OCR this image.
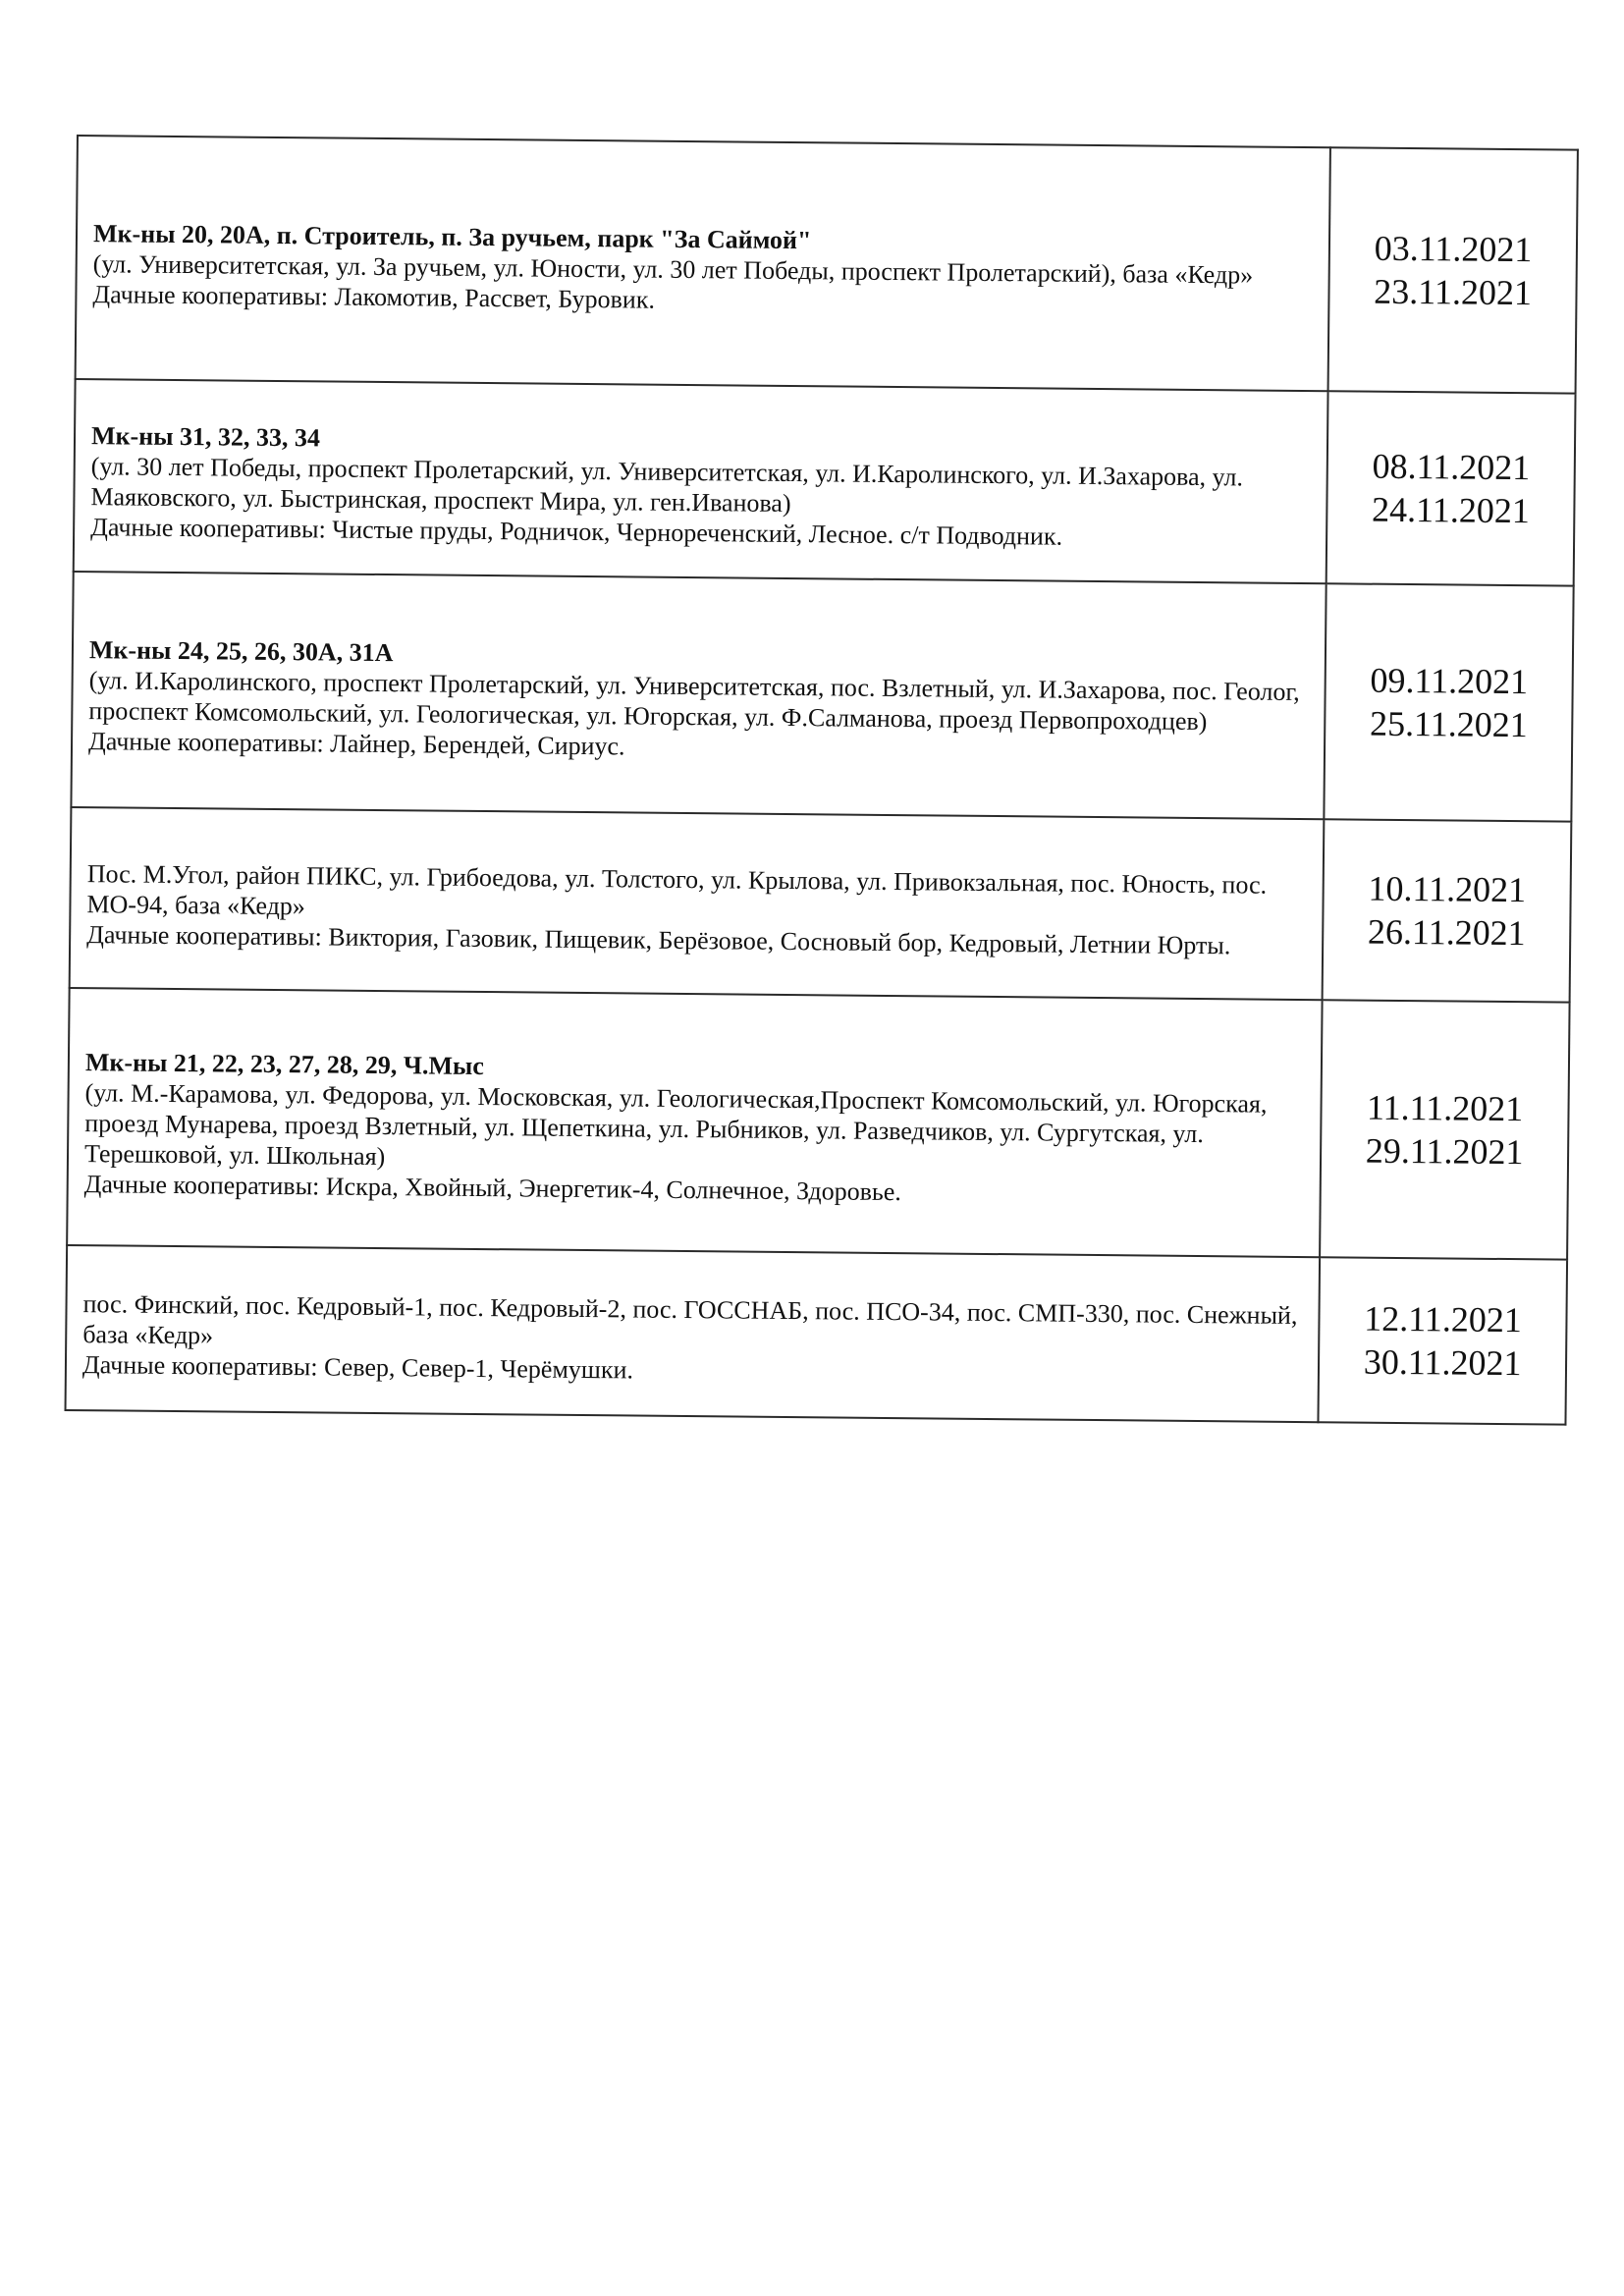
Мк-ны 20, 20А, п. Строитель, п. За ручьем, парк "За Саймой"
(ул. Университетская, ул. За ручьем, ул. Юности, ул. 30 лет Победы, проспект Пролетарский), база «Кедр»
Дачные кооперативы: Лакомотив, Рассвет, Буровик.	03.11.2021
23.11.2021

Мк-ны 31, 32, 33, 34
(ул. 30 лет Победы, проспект Пролетарский, ул. Университетская, ул. И.Каролинского, ул. И.Захарова, ул. Маяковского, ул. Быстринская, проспект Мира, ул. ген.Иванова)
Дачные кооперативы: Чистые пруды, Родничок, Чернореченский, Лесное. с/т Подводник.	08.11.2021
24.11.2021

Мк-ны 24, 25, 26, 30А, 31А
(ул. И.Каролинского, проспект Пролетарский, ул. Университетская, пос. Взлетный, ул. И.Захарова, пос. Геолог, проспект Комсомольский, ул. Геологическая, ул. Югорская, ул. Ф.Салманова, проезд Первопроходцев)
Дачные кооперативы: Лайнер, Берендей, Сириус.	09.11.2021
25.11.2021

Пос. М.Угол, район ПИКС, ул. Грибоедова, ул. Толстого, ул. Крылова, ул. Привокзальная, пос. Юность, пос. МО-94, база «Кедр»
Дачные кооперативы: Виктория, Газовик, Пищевик, Берёзовое, Сосновый бор, Кедровый, Летнии Юрты.	10.11.2021
26.11.2021

Мк-ны 21, 22, 23, 27, 28, 29, Ч.Мыс
(ул. М.-Карамова, ул. Федорова, ул. Московская, ул. Геологическая,Проспект Комсомольский, ул. Югорская, проезд Мунарева, проезд Взлетный, ул. Щепеткина, ул. Рыбников, ул. Разведчиков, ул. Сургутская, ул. Терешковой, ул. Школьная)
Дачные кооперативы: Искра, Хвойный, Энергетик-4, Солнечное, Здоровье.	11.11.2021
29.11.2021

пос. Финский, пос. Кедровый-1, пос. Кедровый-2, пос. ГОССНАБ, пос. ПСО-34, пос. СМП-330, пос. Снежный, база «Кедр»
Дачные кооперативы: Север, Север-1, Черёмушки.	12.11.2021
30.11.2021
